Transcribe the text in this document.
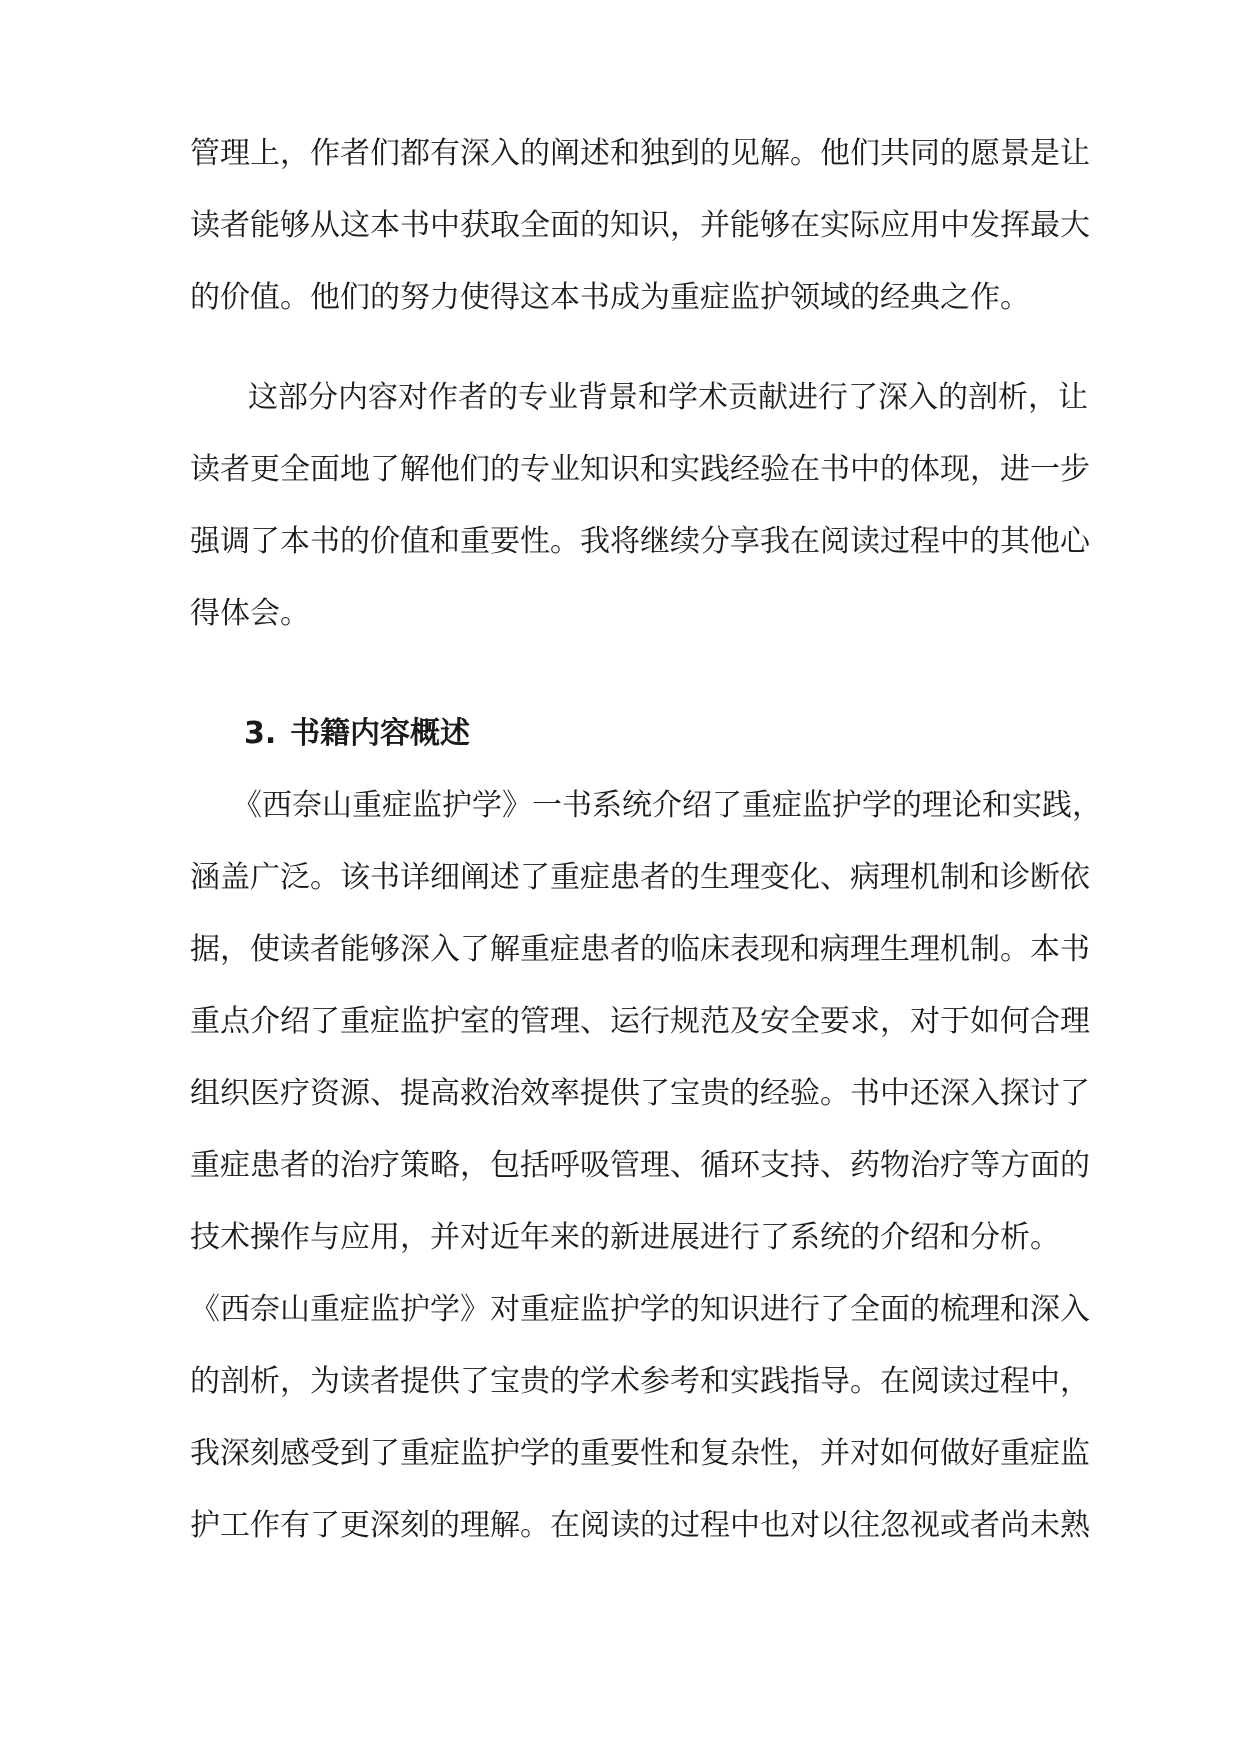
管理上，作者们都有深入的阐述和独到的见解。他们共同的愿景是让
读者能够从这本书中获取全面的知识，并能够在实际应用中发挥最大
的价值。他们的努力使得这本书成为重症监护领域的经典之作。
这部分内容对作者的专业背景和学术贡献进行了深入的剖析，让
读者更全面地了解他们的专业知识和实践经验在书中的体现，进一步
强调了本书的价值和重要性。我将继续分享我在阅读过程中的其他心
得体会。
3. 书籍内容概述
《西奈山重症监护学》一书系统介绍了重症监护学的理论和实践，
涵盖广泛。该书详细阐述了重症患者的生理变化、病理机制和诊断依
据，使读者能够深入了解重症患者的临床表现和病理生理机制。本书
重点介绍了重症监护室的管理、运行规范及安全要求，对于如何合理
组织医疗资源、提高救治效率提供了宝贵的经验。书中还深入探讨了
重症患者的治疗策略，包括呼吸管理、循环支持、药物治疗等方面的
技术操作与应用，并对近年来的新进展进行了系统的介绍和分析。
《西奈山重症监护学》对重症监护学的知识进行了全面的梳理和深入
的剖析，为读者提供了宝贵的学术参考和实践指导。在阅读过程中，
我深刻感受到了重症监护学的重要性和复杂性，并对如何做好重症监
护工作有了更深刻的理解。在阅读的过程中也对以往忽视或者尚未熟
